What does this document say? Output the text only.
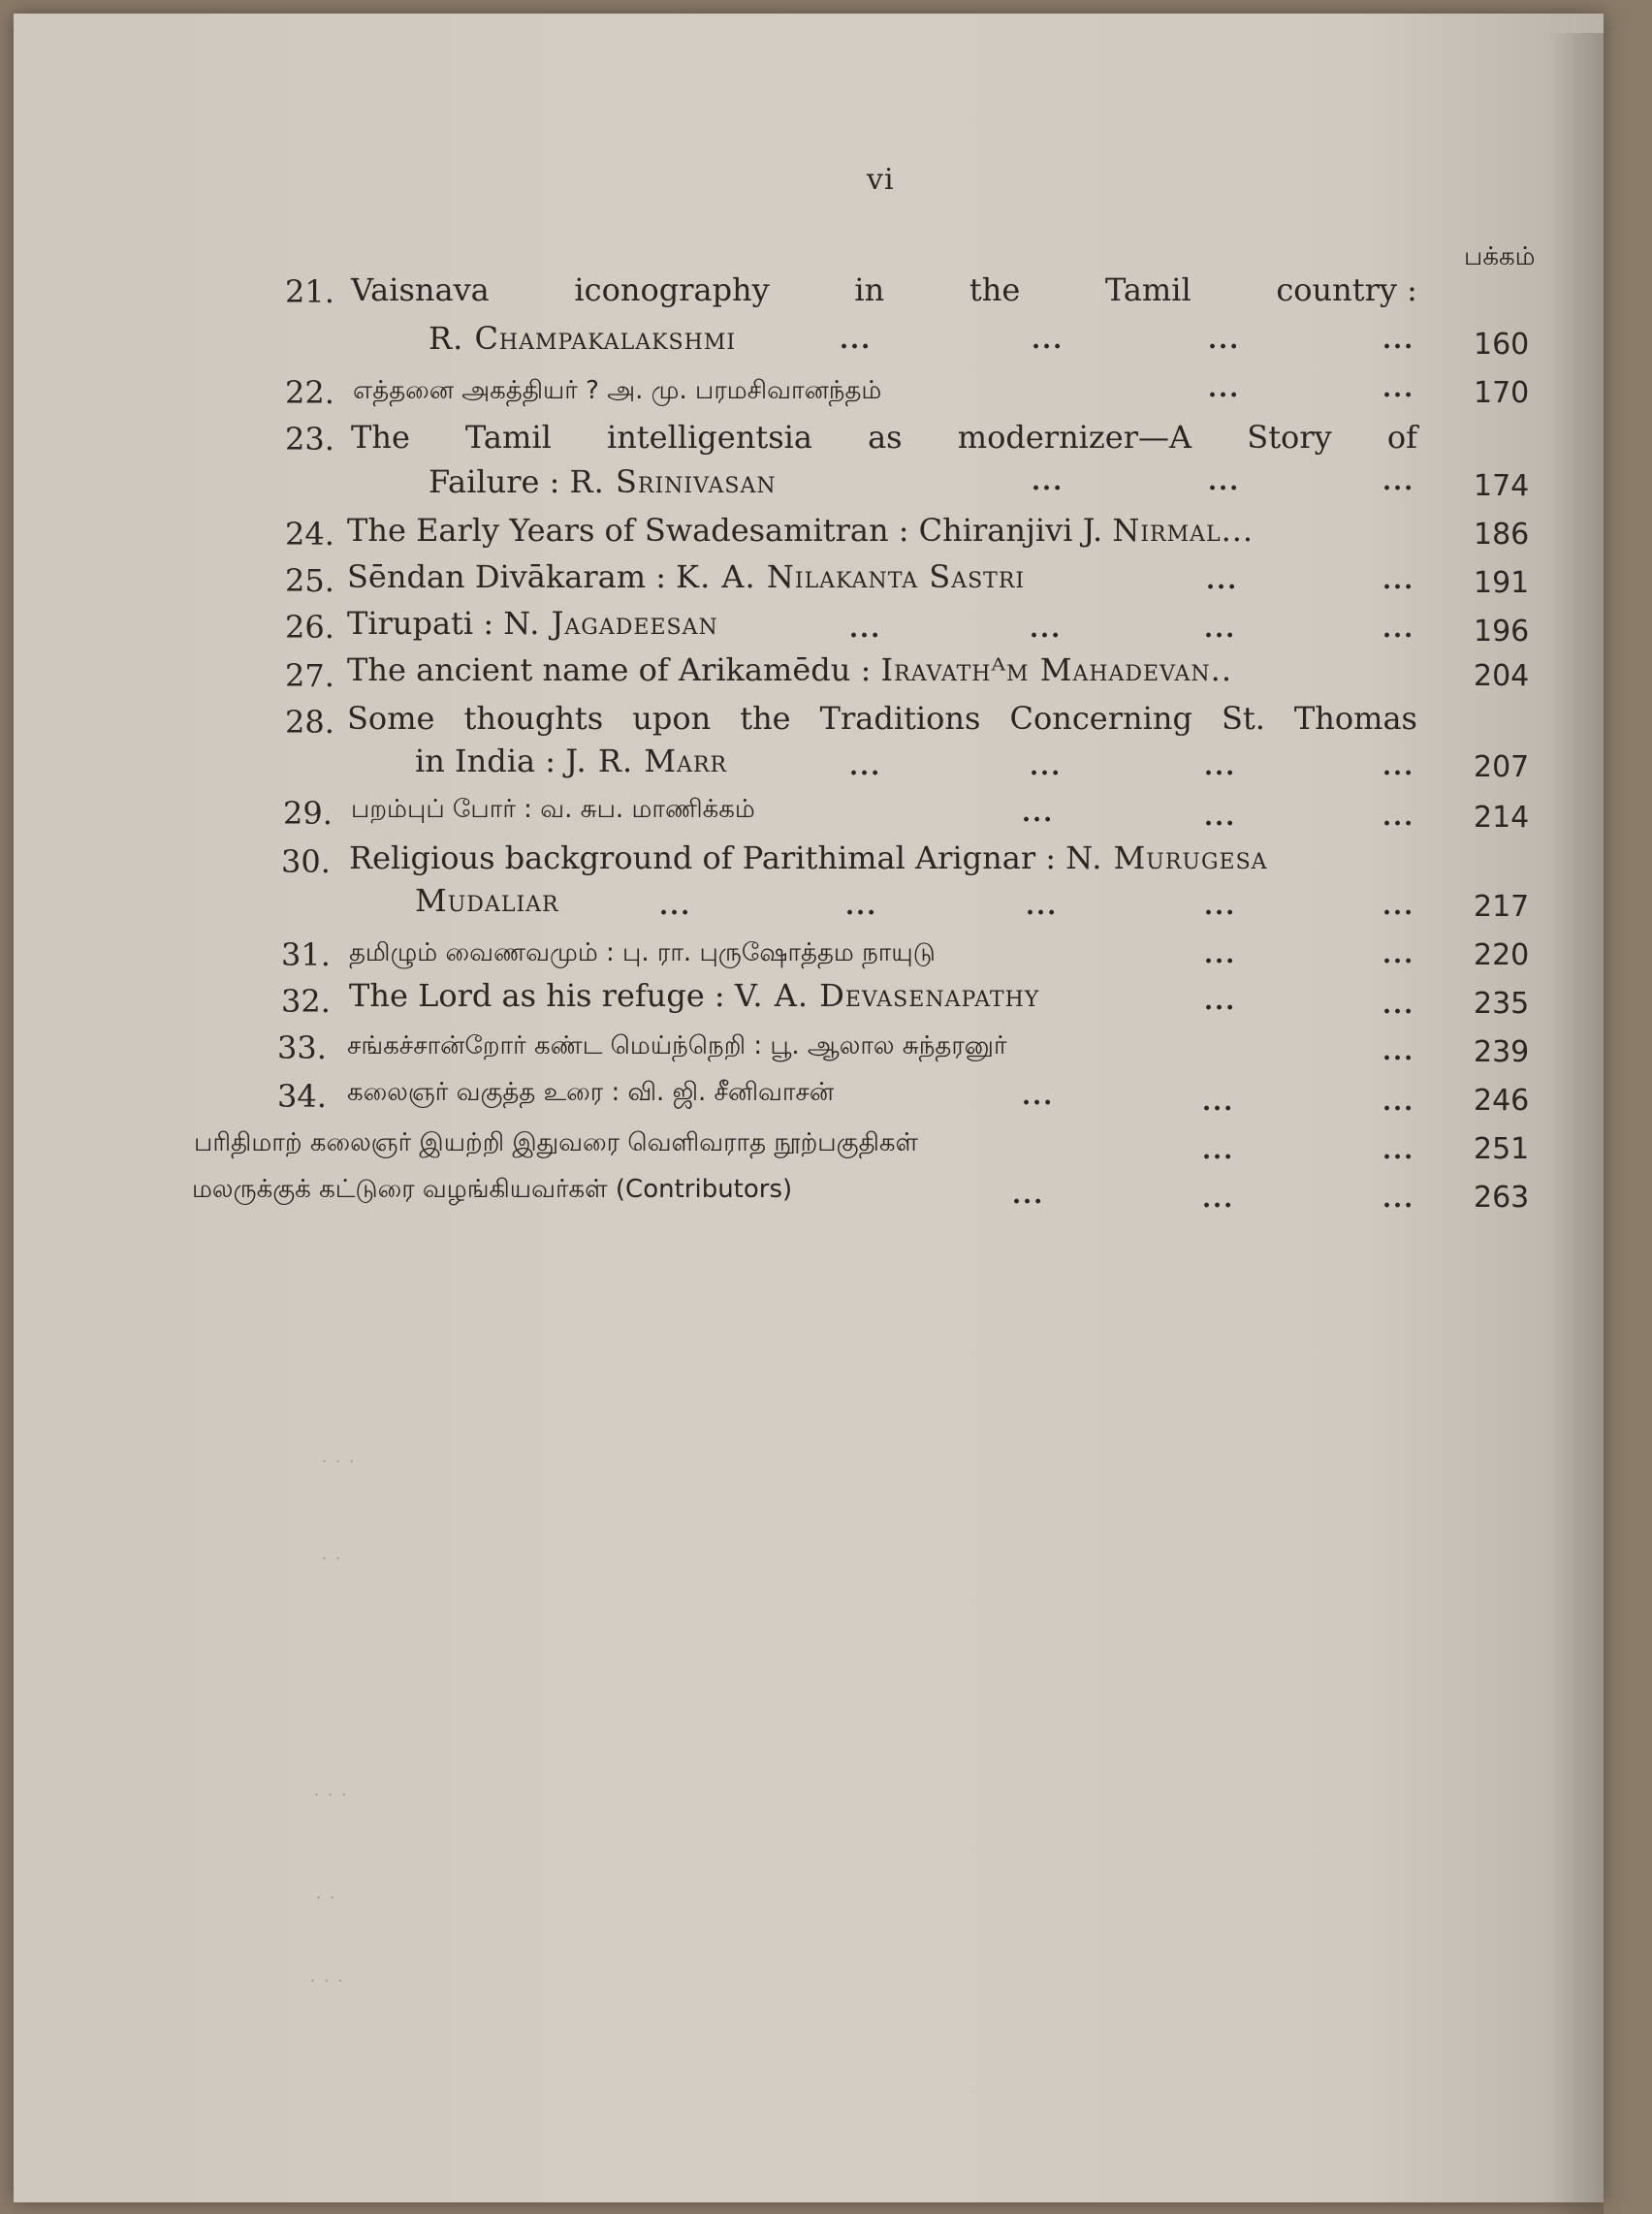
vi
பக்கம்
21. Vaisnava	iconography	in	the	Tamil	country :
R. Champakalakshmi	...	...	...	... 160
22. எத்தனை அகத்தியர் ? அ. மு. பரமசிவானந்தம்	...	... 170
23. The Tamil intelligentsia as modernizer—A Story of
Failure : R. Srinivasan	...	...	... 174
24. The Early Years of Swadesamitran : Chiranjivi J. Nirmal...	186
25. Sēndan Divākaram : K. A. Nilakanta Sastri	...	... 191
26. Tirupati : N. Jagadeesan	...	...	...	... 196
27. The ancient name of Arikamēdu : Iravathᴬm Mahadevan..	204
28. Some thoughts upon the Traditions Concerning St. Thomas
in India : J. R. Marr	...	...	...	... 207
29. பறம்புப் போர் : வ. சுப. மாணிக்கம்	...	...	... 214
30. Religious background of Parithimal Arignar : N. Murugesa
Mudaliar	...	...	...	...	... 217
31. தமிழும் வைணவமும் : பு. ரா. புருஷோத்தம நாயுடு	...	... 220
32. The Lord as his refuge : V. A. Devasenapathy	...	... 235
33. சங்கச்சான்றோர் கண்ட மெய்ந்நெறி : பூ. ஆலால சுந்தரனுர்	... 239
34. கலைஞர் வகுத்த உரை : வி. ஜி. சீனிவாசன்	...	...	... 246
பரிதிமாற் கலைஞர் இயற்றி இதுவரை வெளிவராத நூற்பகுதிகள்	...	... 251
மலருக்குக் கட்டுரை வழங்கியவர்கள் (Contributors)	...	...	... 263
· · ·
· ·
· · ·
· ·
· · ·
